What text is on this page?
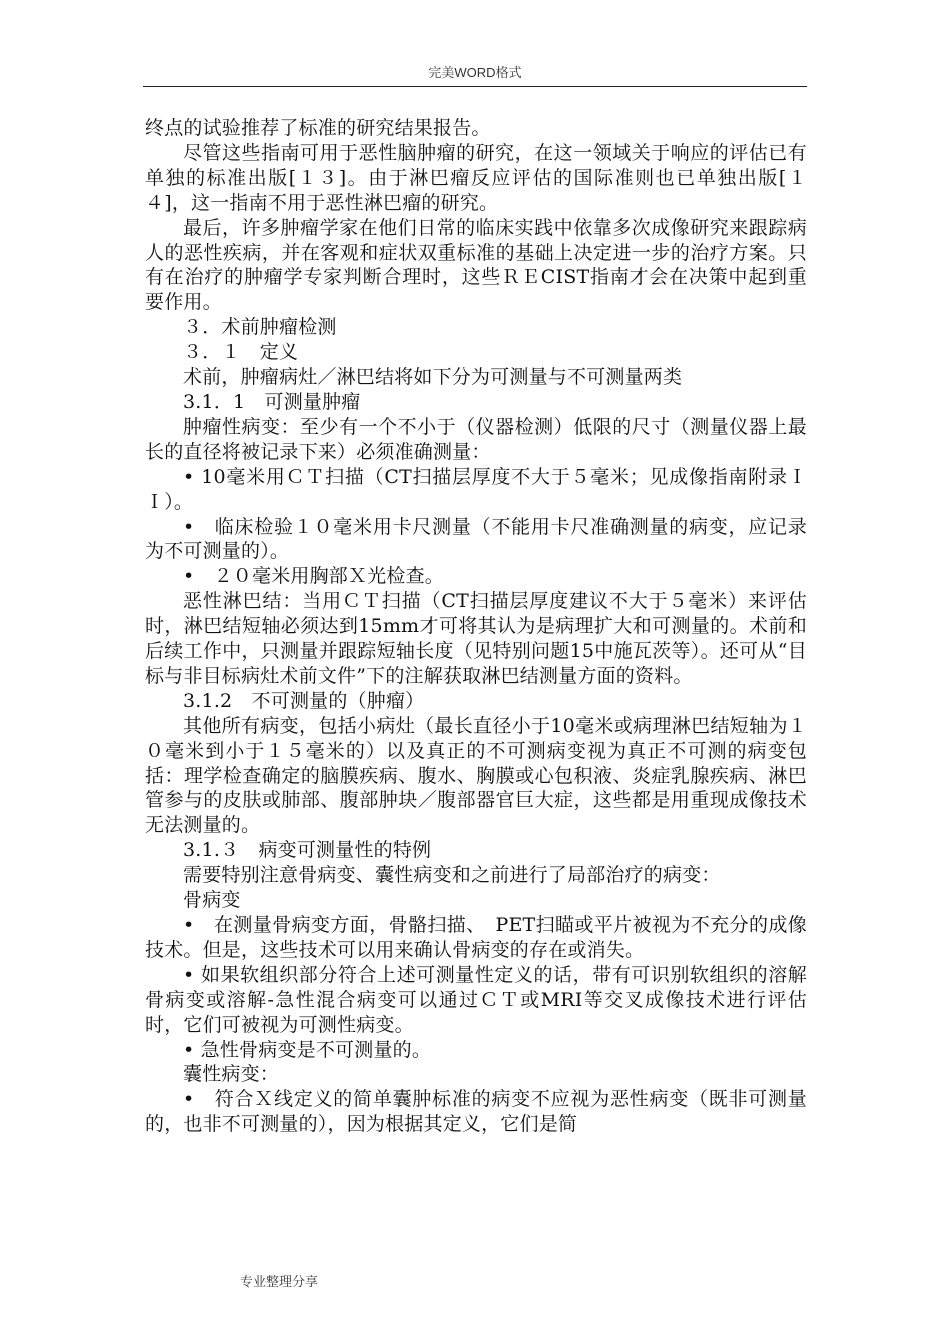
完美WORD格式

终点的试验推荐了标准的研究结果报告。

尽管这些指南可用于恶性脑肿瘤的研究，在这一领域关于响应的评估已有单独的标准出版[１３]。由于淋巴瘤反应评估的国际准则也已单独出版[１４]，这一指南不用于恶性淋巴瘤的研究。

最后，许多肿瘤学家在他们日常的临床实践中依靠多次成像研究来跟踪病人的恶性疾病，并在客观和症状双重标准的基础上决定进一步的治疗方案。只有在治疗的肿瘤学专家判断合理时，这些ＲＥCIST指南才会在决策中起到重要作用。

３．术前肿瘤检测

３．１　定义

术前，肿瘤病灶／淋巴结将如下分为可测量与不可测量两类

3.1．1　可测量肿瘤

肿瘤性病变：至少有一个不小于（仪器检测）低限的尺寸（测量仪器上最长的直径将被记录下来）必须准确测量：

• 10毫米用ＣＴ扫描（CT扫描层厚度不大于５毫米；见成像指南附录ＩＩ）。

•　临床检验１０毫米用卡尺测量（不能用卡尺准确测量的病变，应记录为不可测量的）。

•　２０毫米用胸部Ｘ光检查。

恶性淋巴结：当用ＣＴ扫描（CT扫描层厚度建议不大于５毫米）来评估时，淋巴结短轴必须达到15mm才可将其认为是病理扩大和可测量的。术前和后续工作中，只测量并跟踪短轴长度（见特别问题15中施瓦茨等）。还可从“目标与非目标病灶术前文件”下的注解获取淋巴结测量方面的资料。

3.1.2　不可测量的（肿瘤）

其他所有病变，包括小病灶（最长直径小于10毫米或病理淋巴结短轴为１０毫米到小于１５毫米的）以及真正的不可测病变视为真正不可测的病变包括：理学检查确定的脑膜疾病、腹水、胸膜或心包积液、炎症乳腺疾病、淋巴管参与的皮肤或肺部、腹部肿块／腹部器官巨大症，这些都是用重现成像技术无法测量的。

3.1.３　病变可测量性的特例

需要特别注意骨病变、囊性病变和之前进行了局部治疗的病变：

骨病变

•　在测量骨病变方面，骨骼扫描、　PET扫瞄或平片被视为不充分的成像技术。但是，这些技术可以用来确认骨病变的存在或消失。

• 如果软组织部分符合上述可测量性定义的话，带有可识别软组织的溶解骨病变或溶解-急性混合病变可以通过ＣＴ或MRI等交叉成像技术进行评估时，它们可被视为可测性病变。

• 急性骨病变是不可测量的。

囊性病变：

•　符合Ｘ线定义的简单囊肿标准的病变不应视为恶性病变（既非可测量的，也非不可测量的），因为根据其定义，它们是简

专业整理分享
